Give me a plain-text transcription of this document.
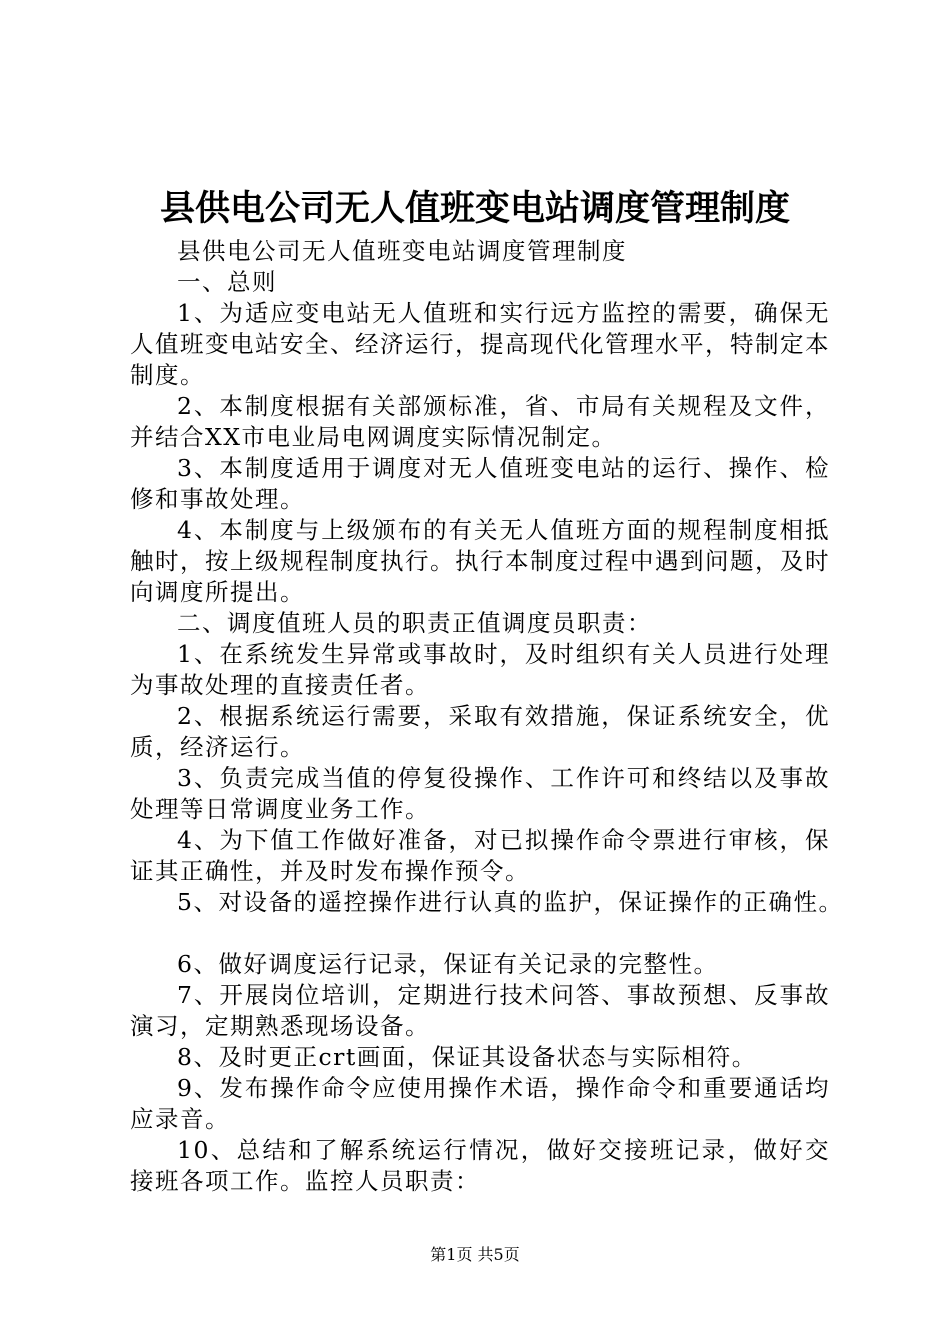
县供电公司无人值班变电站调度管理制度

县供电公司无人值班变电站调度管理制度

一、总则

1、为适应变电站无人值班和实行远方监控的需要，确保无人值班变电站安全、经济运行，提高现代化管理水平，特制定本制度。

2、本制度根据有关部颁标准，省、市局有关规程及文件，并结合XX市电业局电网调度实际情况制定。

3、本制度适用于调度对无人值班变电站的运行、操作、检修和事故处理。

4、本制度与上级颁布的有关无人值班方面的规程制度相抵触时，按上级规程制度执行。执行本制度过程中遇到问题，及时向调度所提出。

二、调度值班人员的职责正值调度员职责：

1、在系统发生异常或事故时，及时组织有关人员进行处理为事故处理的直接责任者。

2、根据系统运行需要，采取有效措施，保证系统安全，优质，经济运行。

3、负责完成当值的停复役操作、工作许可和终结以及事故处理等日常调度业务工作。

4、为下值工作做好准备，对已拟操作命令票进行审核，保证其正确性，并及时发布操作预令。

5、对设备的遥控操作进行认真的监护，保证操作的正确性。

6、做好调度运行记录，保证有关记录的完整性。

7、开展岗位培训，定期进行技术问答、事故预想、反事故演习，定期熟悉现场设备。

8、及时更正crt画面，保证其设备状态与实际相符。

9、发布操作命令应使用操作术语，操作命令和重要通话均应录音。

10、总结和了解系统运行情况，做好交接班记录，做好交接班各项工作。监控人员职责：

第1页 共5页
